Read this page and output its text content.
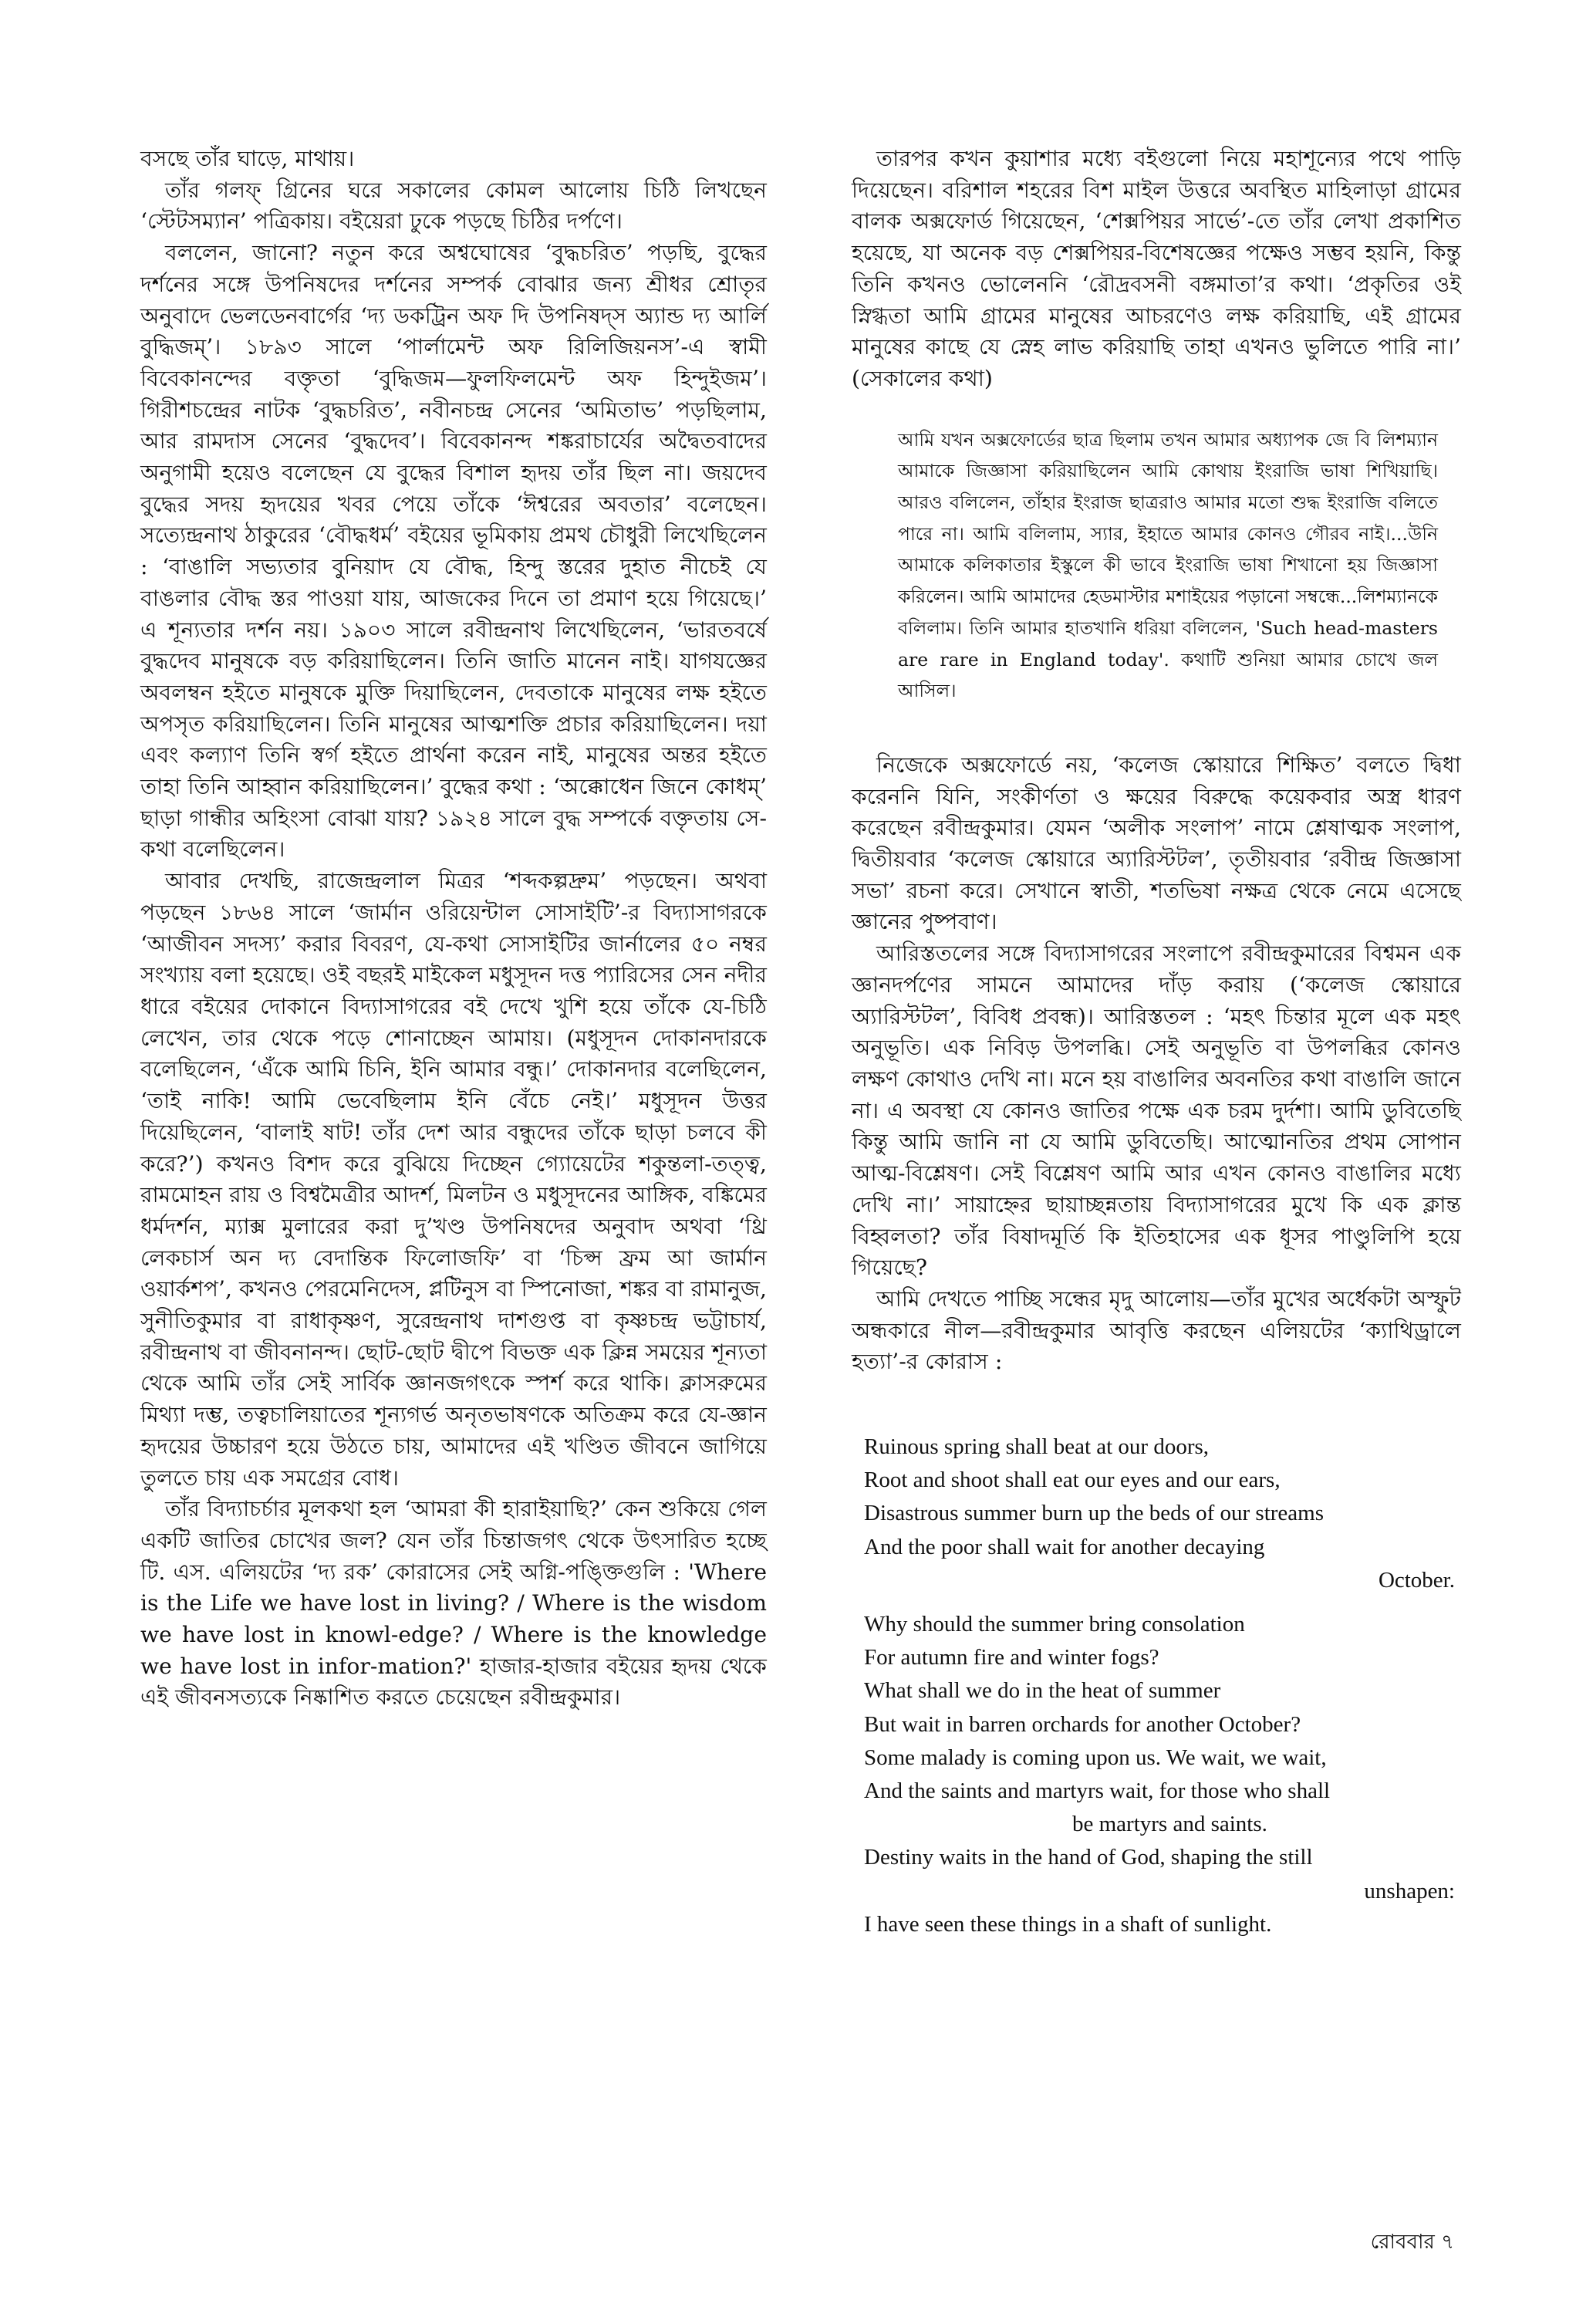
বসছে তাঁর ঘাড়ে, মাথায়।

তাঁর গলফ্ গ্রিনের ঘরে সকালের কোমল আলোয় চিঠি লিখছেন ‘স্টেটসম্যান’ পত্রিকায়। বইয়েরা ঢুকে পড়ছে চিঠির দর্পণে।

বললেন, জানো? নতুন করে অশ্বঘোষের ‘বুদ্ধচরিত’ পড়ছি, বুদ্ধের দর্শনের সঙ্গে উপনিষদের দর্শনের সম্পর্ক বোঝার জন্য শ্রীধর শ্রোতৃর অনুবাদে ভেলডেনবার্গের ‘দ্য ডকট্রিন অফ দি উপনিষদ্স অ্যান্ড দ্য আর্লি বুদ্ধিজম্’। ১৮৯৩ সালে ‘পার্লামেন্ট অফ রিলিজিয়নস’-এ স্বামী বিবেকানন্দের বক্তৃতা ‘বুদ্ধিজম—ফুলফিলমেন্ট অফ হিন্দুইজম’। গিরীশচন্দ্রের নাটক ‘বুদ্ধচরিত’, নবীনচন্দ্র সেনের ‘অমিতাভ’ পড়ছিলাম, আর রামদাস সেনের ‘বুদ্ধদেব’। বিবেকানন্দ শঙ্করাচার্যের অদ্বৈতবাদের অনুগামী হয়েও বলেছেন যে বুদ্ধের বিশাল হৃদয় তাঁর ছিল না। জয়দেব বুদ্ধের সদয় হৃদয়ের খবর পেয়ে তাঁকে ‘ঈশ্বরের অবতার’ বলেছেন। সত্যেন্দ্রনাথ ঠাকুরের ‘বৌদ্ধধর্ম’ বইয়ের ভূমিকায় প্রমথ চৌধুরী লিখেছিলেন : ‘বাঙালি সভ্যতার বুনিয়াদ যে বৌদ্ধ, হিন্দু স্তরের দুহাত নীচেই যে বাঙলার বৌদ্ধ স্তর পাওয়া যায়, আজকের দিনে তা প্রমাণ হয়ে গিয়েছে।’ এ শূন্যতার দর্শন নয়। ১৯০৩ সালে রবীন্দ্রনাথ লিখেছিলেন, ‘ভারতবর্ষে বুদ্ধদেব মানুষকে বড় করিয়াছিলেন। তিনি জাতি মানেন নাই। যাগযজ্ঞের অবলম্বন হইতে মানুষকে মুক্তি দিয়াছিলেন, দেবতাকে মানুষের লক্ষ হইতে অপসৃত করিয়াছিলেন। তিনি মানুষের আত্মশক্তি প্রচার করিয়াছিলেন। দয়া এবং কল্যাণ তিনি স্বর্গ হইতে প্রার্থনা করেন নাই, মানুষের অন্তর হইতে তাহা তিনি আহ্বান করিয়াছিলেন।’ বুদ্ধের কথা : ‘অক্কোধেন জিনে কোধম্’ ছাড়া গান্ধীর অহিংসা বোঝা যায়? ১৯২৪ সালে বুদ্ধ সম্পর্কে বক্তৃতায় সে-কথা বলেছিলেন।

আবার দেখছি, রাজেন্দ্রলাল মিত্রর ‘শব্দকল্পদ্রুম’ পড়ছেন। অথবা পড়ছেন ১৮৬৪ সালে ‘জার্মান ওরিয়েন্টাল সোসাইটি’-র বিদ্যাসাগরকে ‘আজীবন সদস্য’ করার বিবরণ, যে-কথা সোসাইটির জার্নালের ৫০ নম্বর সংখ্যায় বলা হয়েছে। ওই বছরই মাইকেল মধুসূদন দত্ত প্যারিসের সেন নদীর ধারে বইয়ের দোকানে বিদ্যাসাগরের বই দেখে খুশি হয়ে তাঁকে যে-চিঠি লেখেন, তার থেকে পড়ে শোনাচ্ছেন আমায়। (মধুসূদন দোকানদারকে বলেছিলেন, ‘এঁকে আমি চিনি, ইনি আমার বন্ধু।’ দোকানদার বলেছিলেন, ‘তাই নাকি! আমি ভেবেছিলাম ইনি বেঁচে নেই।’ মধুসূদন উত্তর দিয়েছিলেন, ‘বালাই ষাট! তাঁর দেশ আর বন্ধুদের তাঁকে ছাড়া চলবে কী করে?’) কখনও বিশদ করে বুঝিয়ে দিচ্ছেন গ্যোয়েটের শকুন্তলা-তত্ত্ব, রামমোহন রায় ও বিশ্বমৈত্রীর আদর্শ, মিলটন ও মধুসূদনের আঙ্গিক, বঙ্কিমের ধর্মদর্শন, ম্যাক্স মুলারের করা দু’খণ্ড উপনিষদের অনুবাদ অথবা ‘থ্রি লেকচার্স অন দ্য বেদান্তিক ফিলোজফি’ বা ‘চিপ্স ফ্রম আ জার্মান ওয়ার্কশপ’, কখনও পেরমেনিদেস, প্লটিনুস বা স্পিনোজা, শঙ্কর বা রামানুজ, সুনীতিকুমার বা রাধাকৃষ্ণণ, সুরেন্দ্রনাথ দাশগুপ্ত বা কৃষ্ণচন্দ্র ভট্টাচার্য, রবীন্দ্রনাথ বা জীবনানন্দ। ছোট-ছোট দ্বীপে বিভক্ত এক ক্লিন্ন সময়ের শূন্যতা থেকে আমি তাঁর সেই সার্বিক জ্ঞানজগৎকে স্পর্শ করে থাকি। ক্লাসরুমের মিথ্যা দম্ভ, তত্বচালিয়াতের শূন্যগর্ভ অনৃতভাষণকে অতিক্রম করে যে-জ্ঞান হৃদয়ের উচ্চারণ হয়ে উঠতে চায়, আমাদের এই খণ্ডিত জীবনে জাগিয়ে তুলতে চায় এক সমগ্রের বোধ।

তাঁর বিদ্যাচর্চার মূলকথা হল ‘আমরা কী হারাইয়াছি?’ কেন শুকিয়ে গেল একটি জাতির চোখের জল? যেন তাঁর চিন্তাজগৎ থেকে উৎসারিত হচ্ছে টি. এস. এলিয়টের ‘দ্য রক’ কোরাসের সেই অগ্নি-পঙ্ক্তিগুলি : 'Where is the Life we have lost in living? / Where is the wisdom we have lost in knowl-edge? / Where is the knowledge we have lost in infor-mation?' হাজার-হাজার বইয়ের হৃদয় থেকে এই জীবনসত্যকে নিষ্কাশিত করতে চেয়েছেন রবীন্দ্রকুমার।

তারপর কখন কুয়াশার মধ্যে বইগুলো নিয়ে মহাশূন্যের পথে পাড়ি দিয়েছেন। বরিশাল শহরের বিশ মাইল উত্তরে অবস্থিত মাহিলাড়া গ্রামের বালক অক্সফোর্ড গিয়েছেন, ‘শেক্সপিয়র সার্ভে’-তে তাঁর লেখা প্রকাশিত হয়েছে, যা অনেক বড় শেক্সপিয়র-বিশেষজ্ঞের পক্ষেও সম্ভব হয়নি, কিন্তু তিনি কখনও ভোলেননি ‘রৌদ্রবসনী বঙ্গমাতা’র কথা। ‘প্রকৃতির ওই স্নিগ্ধতা আমি গ্রামের মানুষের আচরণেও লক্ষ করিয়াছি, এই গ্রামের মানুষের কাছে যে স্নেহ লাভ করিয়াছি তাহা এখনও ভুলিতে পারি না।’ (সেকালের কথা)

আমি যখন অক্সফোর্ডের ছাত্র ছিলাম তখন আমার অধ্যাপক জে বি লিশম্যান আমাকে জিজ্ঞাসা করিয়াছিলেন আমি কোথায় ইংরাজি ভাষা শিখিয়াছি। আরও বলিলেন, তাঁহার ইংরাজ ছাত্ররাও আমার মতো শুদ্ধ ইংরাজি বলিতে পারে না। আমি বলিলাম, স্যার, ইহাতে আমার কোনও গৌরব নাই।...উনি আমাকে কলিকাতার ইস্কুলে কী ভাবে ইংরাজি ভাষা শিখানো হয় জিজ্ঞাসা করিলেন। আমি আমাদের হেডমাস্টার মশাইয়ের পড়ানো সম্বন্ধে...লিশম্যানকে বলিলাম। তিনি আমার হাতখানি ধরিয়া বলিলেন, 'Such head-masters are rare in England today'. কথাটি শুনিয়া আমার চোখে জল আসিল।

নিজেকে অক্সফোর্ডে নয়, ‘কলেজ স্কোয়ারে শিক্ষিত’ বলতে দ্বিধা করেননি যিনি, সংকীর্ণতা ও ক্ষয়ের বিরুদ্ধে কয়েকবার অস্ত্র ধারণ করেছেন রবীন্দ্রকুমার। যেমন ‘অলীক সংলাপ’ নামে শ্লেষাত্মক সংলাপ, দ্বিতীয়বার ‘কলেজ স্কোয়ারে অ্যারিস্টটল’, তৃতীয়বার ‘রবীন্দ্র জিজ্ঞাসা সভা’ রচনা করে। সেখানে স্বাতী, শতভিষা নক্ষত্র থেকে নেমে এসেছে জ্ঞানের পুষ্পবাণ।

আরিস্ততলের সঙ্গে বিদ্যাসাগরের সংলাপে রবীন্দ্রকুমারের বিশ্বমন এক জ্ঞানদর্পণের সামনে আমাদের দাঁড় করায় (‘কলেজ স্কোয়ারে অ্যারিস্টটল’, বিবিধ প্রবন্ধ)। আরিস্ততল : ‘মহৎ চিন্তার মূলে এক মহৎ অনুভূতি। এক নিবিড় উপলব্ধি। সেই অনুভূতি বা উপলব্ধির কোনও লক্ষণ কোথাও দেখি না। মনে হয় বাঙালির অবনতির কথা বাঙালি জানে না। এ অবস্থা যে কোনও জাতির পক্ষে এক চরম দুর্দশা। আমি ডুবিতেছি কিন্তু আমি জানি না যে আমি ডুবিতেছি। আত্মোনতির প্রথম সোপান আত্ম-বিশ্লেষণ। সেই বিশ্লেষণ আমি আর এখন কোনও বাঙালির মধ্যে দেখি না।’ সায়াহ্নের ছায়াচ্ছন্নতায় বিদ্যাসাগরের মুখে কি এক ক্লান্ত বিহ্বলতা? তাঁর বিষাদমূর্তি কি ইতিহাসের এক ধূসর পাণ্ডুলিপি হয়ে গিয়েছে?

আমি দেখতে পাচ্ছি সন্ধের মৃদু আলোয়—তাঁর মুখের অর্ধেকটা অস্ফুট অন্ধকারে নীল—রবীন্দ্রকুমার আবৃত্তি করছেন এলিয়টের ‘ক্যাথিড্রালে হত্যা’-র কোরাস :

Ruinous spring shall beat at our doors,

Root and shoot shall eat our eyes and our ears,

Disastrous summer burn up the beds of our streams

And the poor shall wait for another decaying

October.

Why should the summer bring consolation

For autumn fire and winter fogs?

What shall we do in the heat of summer

But wait in barren orchards for another October?

Some malady is coming upon us. We wait, we wait,

And the saints and martyrs wait, for those who shall

be martyrs and saints.

Destiny waits in the hand of God, shaping the still

unshapen:

I have seen these things in a shaft of sunlight.

রোববার ৭
